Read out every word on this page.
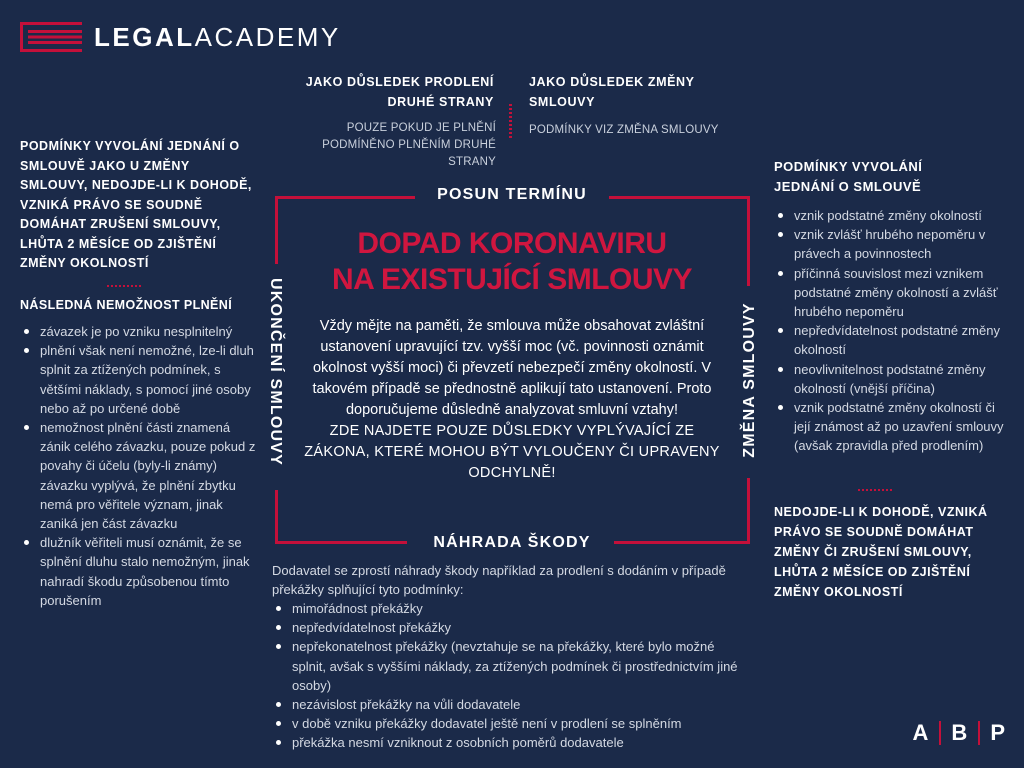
LEGALACADEMY
JAKO DŮSLEDEK PRODLENÍ DRUHÉ STRANY
POUZE POKUD JE PLNĚNÍ PODMÍNĚNO PLNĚNÍM DRUHÉ STRANY
JAKO DŮSLEDEK ZMĚNY SMLOUVY
PODMÍNKY VIZ ZMĚNA SMLOUVY
PODMÍNKY VYVOLÁNÍ JEDNÁNÍ O SMLOUVĚ JAKO U ZMĚNY SMLOUVY, NEDOJDE-LI K DOHODĚ, VZNIKÁ PRÁVO SE SOUDNĚ DOMÁHAT ZRUŠENÍ SMLOUVY, LHŮTA 2 MĚSÍCE OD ZJIŠTĚNÍ ZMĚNY OKOLNOSTÍ
NÁSLEDNÁ NEMOŽNOST PLNĚNÍ
závazek je po vzniku nesplnitelný
plnění však není nemožné, lze-li dluh splnit za ztížených podmínek, s většími náklady, s pomocí jiné osoby nebo až po určené době
nemožnost plnění části znamená zánik celého závazku, pouze pokud z povahy či účelu (byly-li známy) závazku vyplývá, že plnění zbytku nemá pro věřitele význam, jinak zaniká jen část závazku
dlužník věřiteli musí oznámit, že se splnění dluhu stalo nemožným, jinak nahradí škodu způsobenou tímto porušením
POSUN TERMÍNU
NÁHRADA ŠKODY
UKONČENÍ SMLOUVY	ZMĚNA SMLOUVY
DOPAD KORONAVIRU
NA EXISTUJÍCÍ SMLOUVY
Vždy mějte na paměti, že smlouva může obsahovat zvláštní ustanovení upravující tzv. vyšší moc (vč. povinnosti oznámit okolnost vyšší moci) či převzetí nebezpečí změny okolností. V takovém případě se přednostně aplikují tato ustanovení. Proto doporučujeme důsledně analyzovat smluvní vztahy!
ZDE NAJDETE POUZE DŮSLEDKY VYPLÝVAJÍCÍ ZE ZÁKONA, KTERÉ MOHOU BÝT VYLOUČENY ČI UPRAVENY ODCHYLNĚ!
Dodavatel se zprostí náhrady škody například za prodlení s dodáním v případě překážky splňující tyto podmínky:
mimořádnost překážky
nepředvídatelnost překážky
nepřekonatelnost překážky (nevztahuje se na překážky, které bylo možné splnit, avšak s vyššími náklady, za ztížených podmínek či prostřednictvím jiné osoby)
nezávislost překážky na vůli dodavatele
v době vzniku překážky dodavatel ještě není v prodlení se splněním
překážka nesmí vzniknout z osobních poměrů dodavatele
PODMÍNKY VYVOLÁNÍ JEDNÁNÍ O SMLOUVĚ
vznik podstatné změny okolností
vznik zvlášť hrubého nepoměru v právech a povinnostech
příčinná souvislost mezi vznikem podstatné změny okolností a zvlášť hrubého nepoměru
nepředvídatelnost podstatné změny okolností
neovlivnitelnost podstatné změny okolností (vnější příčina)
vznik podstatné změny okolností či její známost až po uzavření smlouvy (avšak zpravidla před prodlením)
NEDOJDE-LI K DOHODĚ, VZNIKÁ PRÁVO SE SOUDNĚ DOMÁHAT ZMĚNY ČI ZRUŠENÍ SMLOUVY, LHŮTA 2 MĚSÍCE OD ZJIŠTĚNÍ ZMĚNY OKOLNOSTÍ
A B P
